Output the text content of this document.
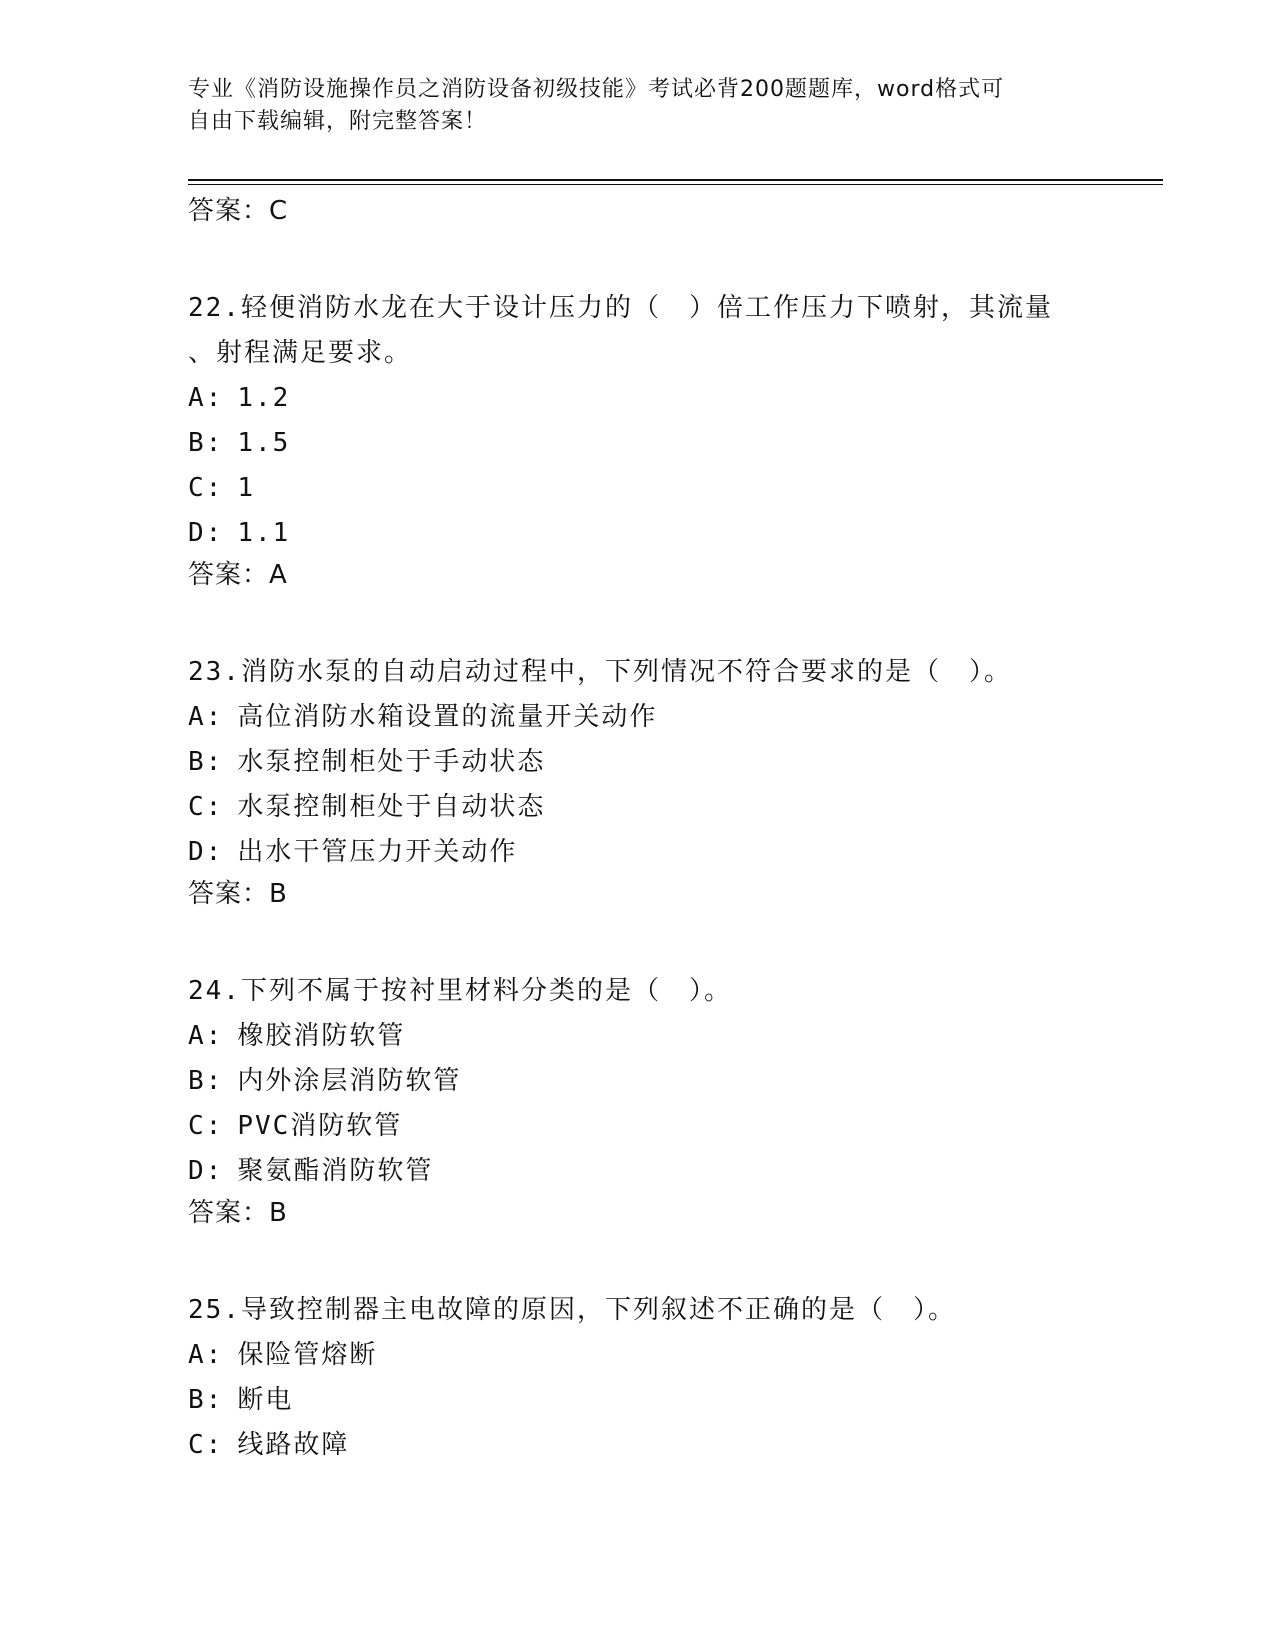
专业《消防设施操作员之消防设备初级技能》考试必背200题题库，word格式可
自由下载编辑，附完整答案！

答案：C

22.轻便消防水龙在大于设计压力的（　）倍工作压力下喷射，其流量
、射程满足要求。

A: 1.2

B: 1.5

C: 1

D: 1.1

答案：A

23.消防水泵的自动启动过程中，下列情况不符合要求的是（　）。

A: 高位消防水箱设置的流量开关动作

B: 水泵控制柜处于手动状态

C: 水泵控制柜处于自动状态

D: 出水干管压力开关动作

答案：B

24.下列不属于按衬里材料分类的是（　）。

A: 橡胶消防软管

B: 内外涂层消防软管

C: PVC消防软管

D: 聚氨酯消防软管

答案：B

25.导致控制器主电故障的原因，下列叙述不正确的是（　）。

A: 保险管熔断

B: 断电

C: 线路故障
